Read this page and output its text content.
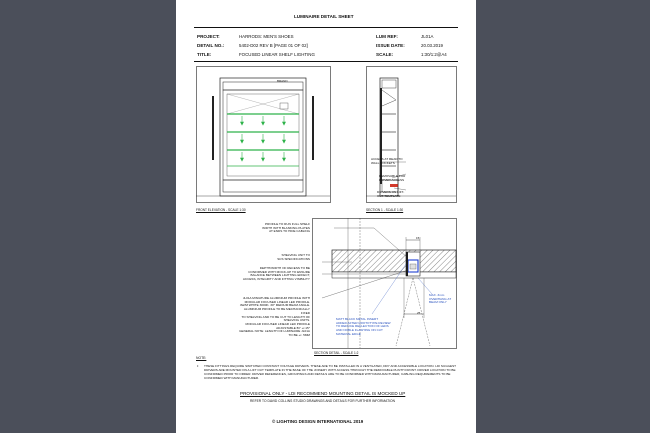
LUMINAIRE DETAIL SHEET
PROJECT:	HARRODS: MEN'S SHOES	LUM REF:	JL01A
DETAIL NO.:	5402-D02 REV B [PAGE 01 OF 02]	ISSUE DATE:	20.03.2019
TITLE:	FOCUSED LINEAR SHELF LIGHTING	SCALE:	1:30/1:2@A4
BRAND
FRONT ELEVATION - SCALE 1:30
ACCESS AT READ TO
WALL SOCKETS
REMOVABLE FOR
DRIVER ACCESS
DRIVERS ON LIFT-
OUT TEMPLATE
SECTION 1 - SCALE 1:30
15
25
PROFILE TO RUN FULL SHELF
WIDTH WITH BLANKING PLATES
AT ENDS TO HIDE CABLING
SHELVING UNIT TO
SCS SPECIFICATIONS
DEPTH/WIDTH OF RECESS TO BE
CONFIRMED WITH MOCK-UP TO ENSURE
BALANCE BETWEEN LIGHTING EFFECT,
ACCESS, INTEGRITY AND FITTING VISIBILITY
JL01A MINIATURE ALUMINIUM PROFILE WITH
MODULAR FOCUSED LINEAR LED PROFILE.
4W/M WHITE 3000K. 30° MEDIUM BEAM ANGLE.
ALUMINIUM PROFILE TO BE MECHANICALLY FIXED
TO SHELVING AND TO BE CUT TO LENGTH OF
SHELVING UNITS.
MODULAR FOCUSED LINEAR LED PROFILE
ADJUSTABLE BY +/-15°
GENERAL NOTE: LENGTH OF LUMINAIRE JL01A
TO BE +/- 5MM
MATT BLACK METAL INSERT
ADDED AFTER PROTOTYPE REVIEW
TO REDUCE REFLECTION OF LEDS
AND NOBLE FLASHING ON CUT
MATERIAL EDGE
MAX. 3mm
OVERHANG AT
BEAM ONLY
SECTION DETAIL - SCALE 1:2
NOTE:
THESE FITTINGS REQUIRE SWITCHED CONSTANT VOLTAGE DRIVERS. THESE ARE TO BE INSTALLED IN A VENTILATED, DRY AND ACCESSIBLE LOCATION. LDI SUGGEST DRIVERS ARE MOUNTED ON A LIFT OUT TEMPLATE IN THE BASE OF THE JOINERY WITH ACCESS THROUGH THE REMOVABLE PLINTH FRONT. DRIVER LOCATION TO BE CONFIRMED PRIOR TO ORDER. DRIVER REFERENCES, GROUPINGS AND DETAILS ARE TO BE CONFIRMED WITH MANUFACTURER, CABLING REQUIREMENTS TO BE CONFIRMED WITH MANUFACTURER.
•
PROVISIONAL ONLY - LDI RECOMMEND MOUNTING DETAIL IS MOCKED UP
REFER TO DAVID COLLINS STUDIO DRAWINGS AND DETAILS FOR FURTHER INFORMATION
© LIGHTING DESIGN INTERNATIONAL 2019
